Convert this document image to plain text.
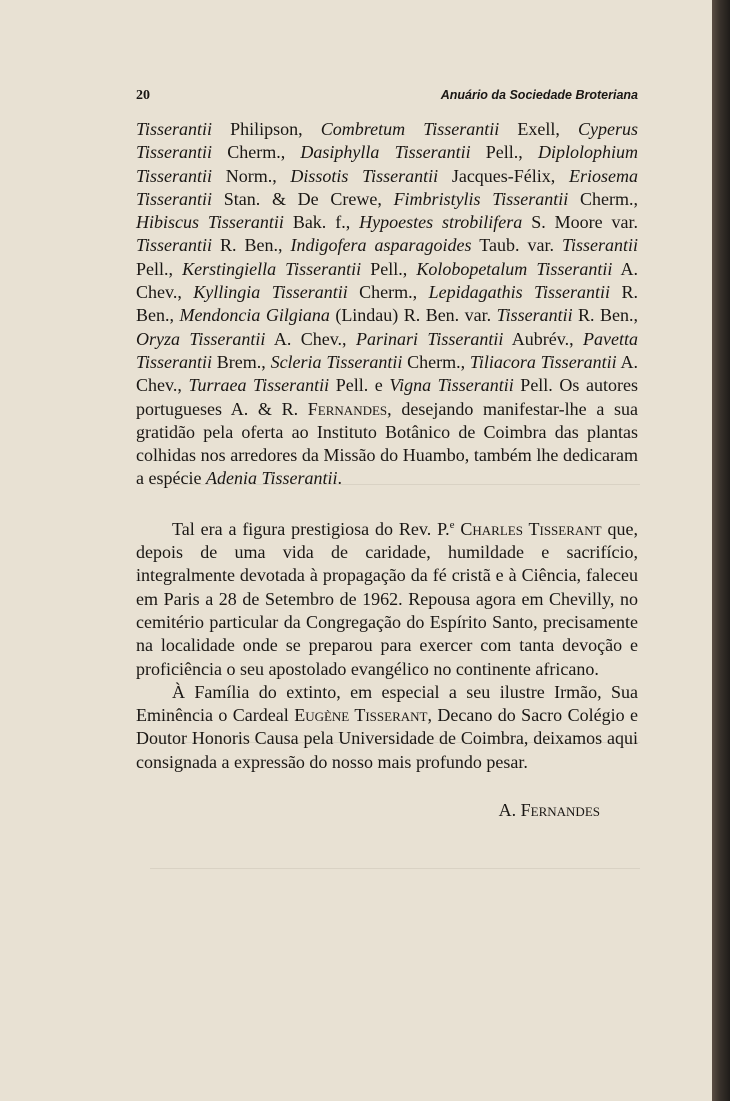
20	Anuário da Sociedade Broteriana

Tisserantii Philipson, Combretum Tisserantii Exell, Cyperus Tisserantii Cherm., Dasiphylla Tisserantii Pell., Diplolophium Tisserantii Norm., Dissotis Tisserantii Jacques-Félix, Eriosema Tisserantii Stan. & De Crewe, Fimbristylis Tisserantii Cherm., Hibiscus Tisserantii Bak. f., Hypoestes strobilifera S. Moore var. Tisserantii R. Ben., Indigofera asparagoides Taub. var. Tisserantii Pell., Kerstingiella Tisserantii Pell., Kolobopetalum Tisserantii A. Chev., Kyllingia Tisserantii Cherm., Lepidagathis Tisserantii R. Ben., Mendoncia Gilgiana (Lindau) R. Ben. var. Tisserantii R. Ben., Oryza Tisserantii A. Chev., Parinari Tisserantii Aubrév., Pavetta Tisserantii Brem., Scleria Tisserantii Cherm., Tiliacora Tisserantii A. Chev., Turraea Tisserantii Pell. e Vigna Tisserantii Pell. Os autores portugueses A. & R. Fernandes, desejando manifestar-lhe a sua gratidão pela oferta ao Instituto Botânico de Coimbra das plantas colhidas nos arredores da Missão do Huambo, também lhe dedicaram a espécie Adenia Tisserantii.

Tal era a figura prestigiosa do Rev. P.$^e$ Charles Tisserant que, depois de uma vida de caridade, humildade e sacrifício, integralmente devotada à propagação da fé cristã e à Ciência, faleceu em Paris a 28 de Setembro de 1962. Repousa agora em Chevilly, no cemitério particular da Congregação do Espírito Santo, precisamente na localidade onde se preparou para exercer com tanta devoção e proficiência o seu apostolado evangélico no continente africano.

À Família do extinto, em especial a seu ilustre Irmão, Sua Eminência o Cardeal Eugène Tisserant, Decano do Sacro Colégio e Doutor Honoris Causa pela Universidade de Coimbra, deixamos aqui consignada a expressão do nosso mais profundo pesar.

A. Fernandes
